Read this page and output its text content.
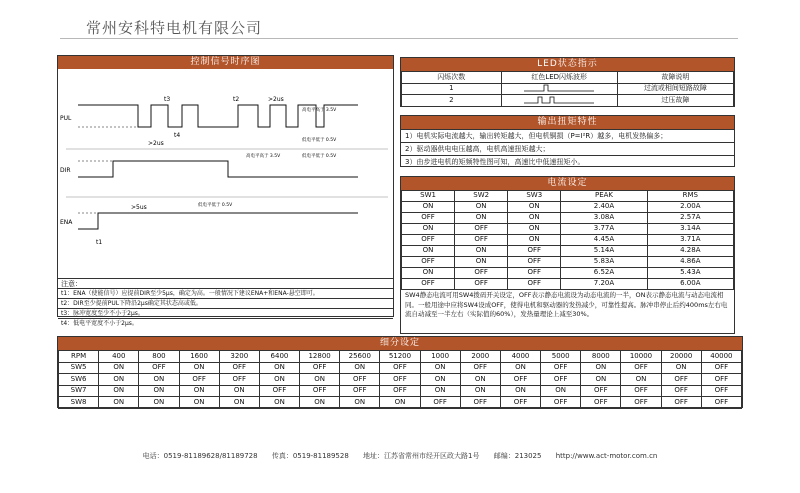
常州安科特电机有限公司
控制信号时序图
PUL
t3
t4
t2	>2us
>2us
高电平高于 3.5V
低电平低于 0.5V
DIR
高电平高于 3.5V	低电平低于 0.5V
ENA
t1
>5us	低电平低于 0.5V
注意：
t1：ENA（使能信号）应提前DIR至少5μs，确定为高。一般情况下建议ENA+和ENA-悬空即可。
t2：DIR至少提前PUL下降沿2μs确定其状态高或低。
t3：脉冲宽度至少不小于2μs。
t4：低电平宽度不小于2μs。
LED状态指示
闪烁次数	红色LED闪烁波形	故障说明
1		过流或相间短路故障
2		过压故障
输出扭矩特性
1）电机实际电流越大，输出转矩越大，但电机铜损（P=I²R）越多，电机发热偏多；
2）驱动器供电电压越高，电机高速扭矩越大；
3）由步进电机的矩频特性图可知，高速比中低速扭矩小。
电流设定
SW1	SW2	SW3	PEAK	RMS
ON	ON	ON	2.40A	2.00A
OFF	ON	ON	3.08A	2.57A
ON	OFF	ON	3.77A	3.14A
OFF	OFF	ON	4.45A	3.71A
ON	ON	OFF	5.14A	4.28A
OFF	ON	OFF	5.83A	4.86A
ON	OFF	OFF	6.52A	5.43A
OFF	OFF	OFF	7.20A	6.00A
SW4静态电流可用SW4拨码开关设定，OFF表示静态电流设为动态电流的一半，ON表示静态电流与动态电流相同。一般用途中应将SW4设成OFF，使得电机和驱动器的发热减少，可靠性提高。脉冲串停止后约400ms左右电流自动减至一半左右（实际值的60%），发热量理论上减至30%。
细分设定
RPM	400	800	1600	3200	6400	12800	25600	51200	1000	2000	4000	5000	8000	10000	20000	40000
SW5	ON	OFF	ON	OFF	ON	OFF	ON	OFF	ON	OFF	ON	OFF	ON	OFF	ON	OFF
SW6	ON	ON	OFF	OFF	ON	ON	OFF	OFF	ON	ON	OFF	OFF	ON	ON	OFF	OFF
SW7	ON	ON	ON	ON	OFF	OFF	OFF	OFF	ON	ON	ON	ON	OFF	OFF	OFF	OFF
SW8	ON	ON	ON	ON	ON	ON	ON	ON	OFF	OFF	OFF	OFF	OFF	OFF	OFF	OFF
电话：0519-81189628/81189728 传真：0519-81189528 地址：江苏省常州市经开区政大路1号 邮编：213025 http://www.act-motor.com.cn
